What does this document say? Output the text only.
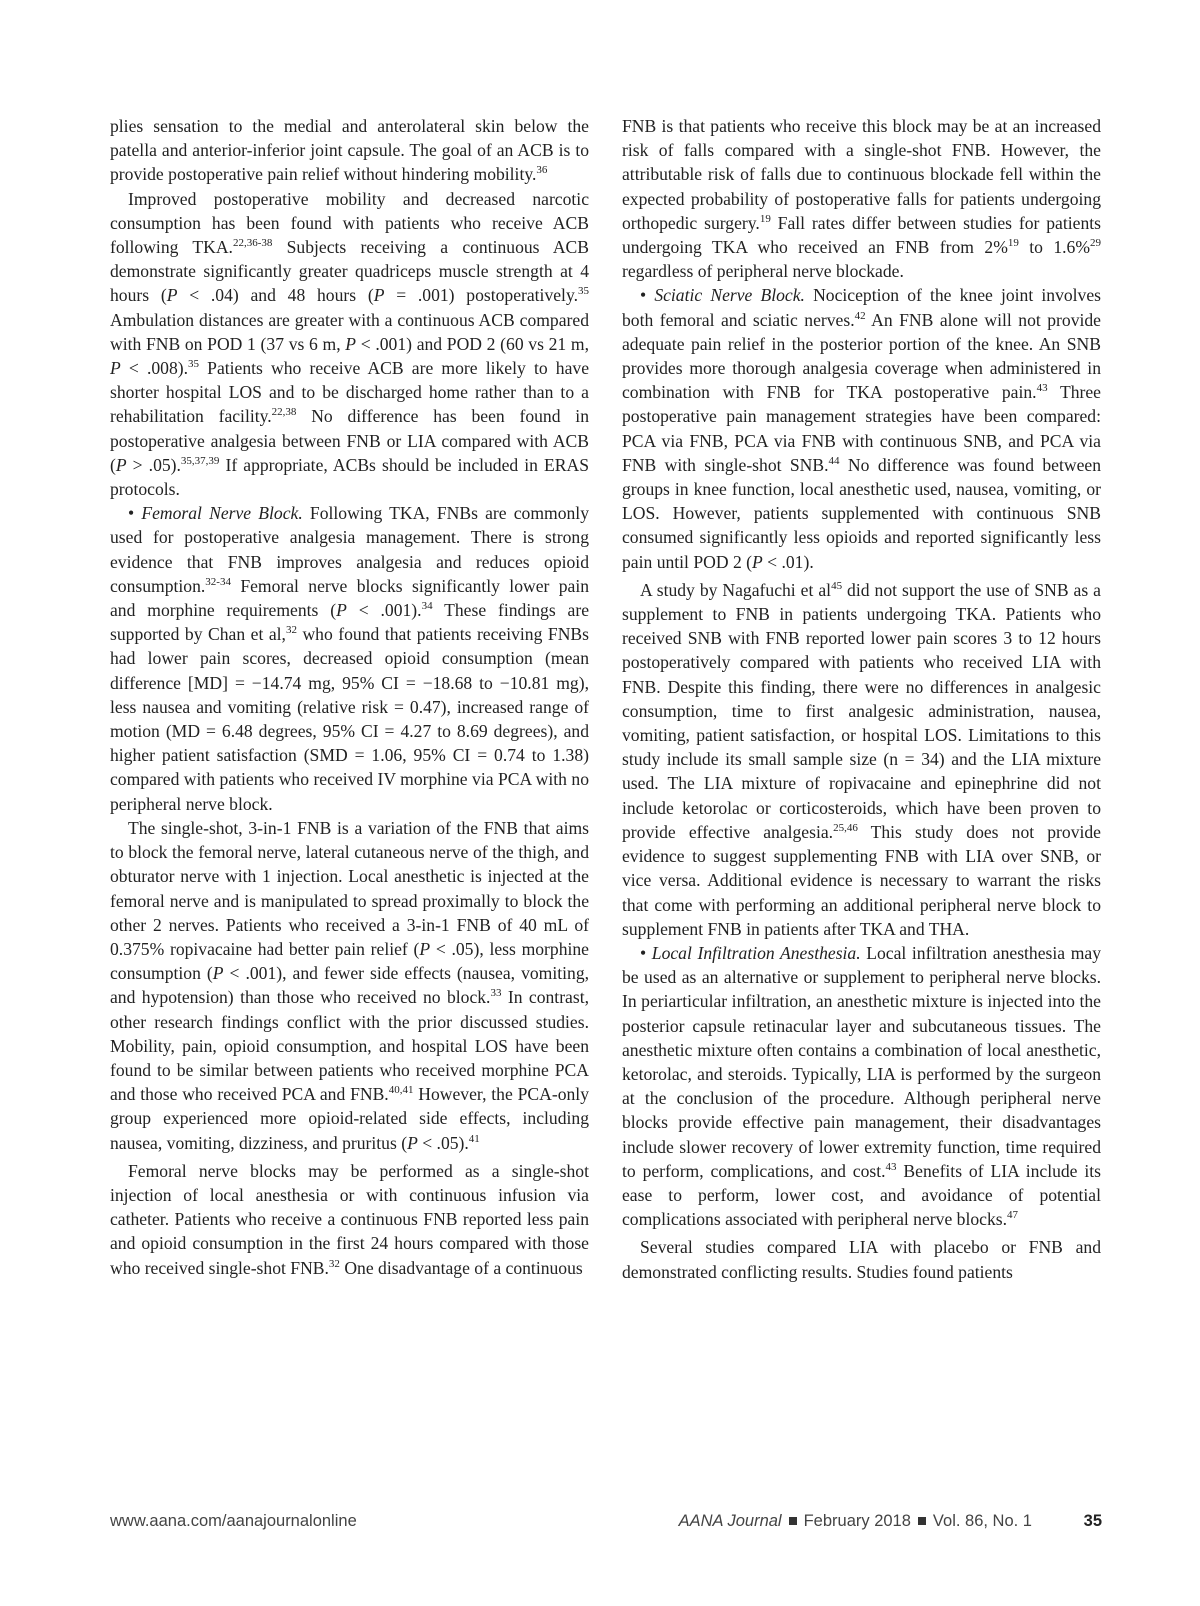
plies sensation to the medial and anterolateral skin below the patella and anterior-inferior joint capsule. The goal of an ACB is to provide postoperative pain relief without hindering mobility.$^{36}$

Improved postoperative mobility and decreased narcotic consumption has been found with patients who receive ACB following TKA.$^{22,36-38}$ Subjects receiving a continuous ACB demonstrate significantly greater quadriceps muscle strength at 4 hours (P < .04) and 48 hours (P = .001) postoperatively.$^{35}$ Ambulation distances are greater with a continuous ACB compared with FNB on POD 1 (37 vs 6 m, P < .001) and POD 2 (60 vs 21 m, P < .008).$^{35}$ Patients who receive ACB are more likely to have shorter hospital LOS and to be discharged home rather than to a rehabilitation facility.$^{22,38}$ No difference has been found in postoperative analgesia between FNB or LIA compared with ACB (P > .05).$^{35,37,39}$ If appropriate, ACBs should be included in ERAS protocols.

• Femoral Nerve Block. Following TKA, FNBs are commonly used for postoperative analgesia management. There is strong evidence that FNB improves analgesia and reduces opioid consumption.$^{32-34}$ Femoral nerve blocks significantly lower pain and morphine requirements (P < .001).$^{34}$ These findings are supported by Chan et al,$^{32}$ who found that patients receiving FNBs had lower pain scores, decreased opioid consumption (mean difference [MD] = −14.74 mg, 95% CI = −18.68 to −10.81 mg), less nausea and vomiting (relative risk = 0.47), increased range of motion (MD = 6.48 degrees, 95% CI = 4.27 to 8.69 degrees), and higher patient satisfaction (SMD = 1.06, 95% CI = 0.74 to 1.38) compared with patients who received IV morphine via PCA with no peripheral nerve block.

The single-shot, 3-in-1 FNB is a variation of the FNB that aims to block the femoral nerve, lateral cutaneous nerve of the thigh, and obturator nerve with 1 injection. Local anesthetic is injected at the femoral nerve and is manipulated to spread proximally to block the other 2 nerves. Patients who received a 3-in-1 FNB of 40 mL of 0.375% ropivacaine had better pain relief (P < .05), less morphine consumption (P < .001), and fewer side effects (nausea, vomiting, and hypotension) than those who received no block.$^{33}$ In contrast, other research findings conflict with the prior discussed studies. Mobility, pain, opioid consumption, and hospital LOS have been found to be similar between patients who received morphine PCA and those who received PCA and FNB.$^{40,41}$ However, the PCA-only group experienced more opioid-related side effects, including nausea, vomiting, dizziness, and pruritus (P < .05).$^{41}$

Femoral nerve blocks may be performed as a single-shot injection of local anesthesia or with continuous infusion via catheter. Patients who receive a continuous FNB reported less pain and opioid consumption in the first 24 hours compared with those who received single-shot FNB.$^{32}$ One disadvantage of a continuous

FNB is that patients who receive this block may be at an increased risk of falls compared with a single-shot FNB. However, the attributable risk of falls due to continuous blockade fell within the expected probability of postoperative falls for patients undergoing orthopedic surgery.$^{19}$ Fall rates differ between studies for patients undergoing TKA who received an FNB from 2%$^{19}$ to 1.6%$^{29}$ regardless of peripheral nerve blockade.

• Sciatic Nerve Block. Nociception of the knee joint involves both femoral and sciatic nerves.$^{42}$ An FNB alone will not provide adequate pain relief in the posterior portion of the knee. An SNB provides more thorough analgesia coverage when administered in combination with FNB for TKA postoperative pain.$^{43}$ Three postoperative pain management strategies have been compared: PCA via FNB, PCA via FNB with continuous SNB, and PCA via FNB with single-shot SNB.$^{44}$ No difference was found between groups in knee function, local anesthetic used, nausea, vomiting, or LOS. However, patients supplemented with continuous SNB consumed significantly less opioids and reported significantly less pain until POD 2 (P < .01).

A study by Nagafuchi et $al^{45}$ did not support the use of SNB as a supplement to FNB in patients undergoing TKA. Patients who received SNB with FNB reported lower pain scores 3 to 12 hours postoperatively compared with patients who received LIA with FNB. Despite this finding, there were no differences in analgesic consumption, time to first analgesic administration, nausea, vomiting, patient satisfaction, or hospital LOS. Limitations to this study include its small sample size (n = 34) and the LIA mixture used. The LIA mixture of ropivacaine and epinephrine did not include ketorolac or corticosteroids, which have been proven to provide effective analgesia.$^{25,46}$ This study does not provide evidence to suggest supplementing FNB with LIA over SNB, or vice versa. Additional evidence is necessary to warrant the risks that come with performing an additional peripheral nerve block to supplement FNB in patients after TKA and THA.

• Local Infiltration Anesthesia. Local infiltration anesthesia may be used as an alternative or supplement to peripheral nerve blocks. In periarticular infiltration, an anesthetic mixture is injected into the posterior capsule retinacular layer and subcutaneous tissues. The anesthetic mixture often contains a combination of local anesthetic, ketorolac, and steroids. Typically, LIA is performed by the surgeon at the conclusion of the procedure. Although peripheral nerve blocks provide effective pain management, their disadvantages include slower recovery of lower extremity function, time required to perform, complications, and cost.$^{43}$ Benefits of LIA include its ease to perform, lower cost, and avoidance of potential complications associated with peripheral nerve blocks.$^{47}$

Several studies compared LIA with placebo or FNB and demonstrated conflicting results. Studies found patients

www.aana.com/aanajournalonline	AANA Journal February 2018 Vol. 86, No. 1	35
